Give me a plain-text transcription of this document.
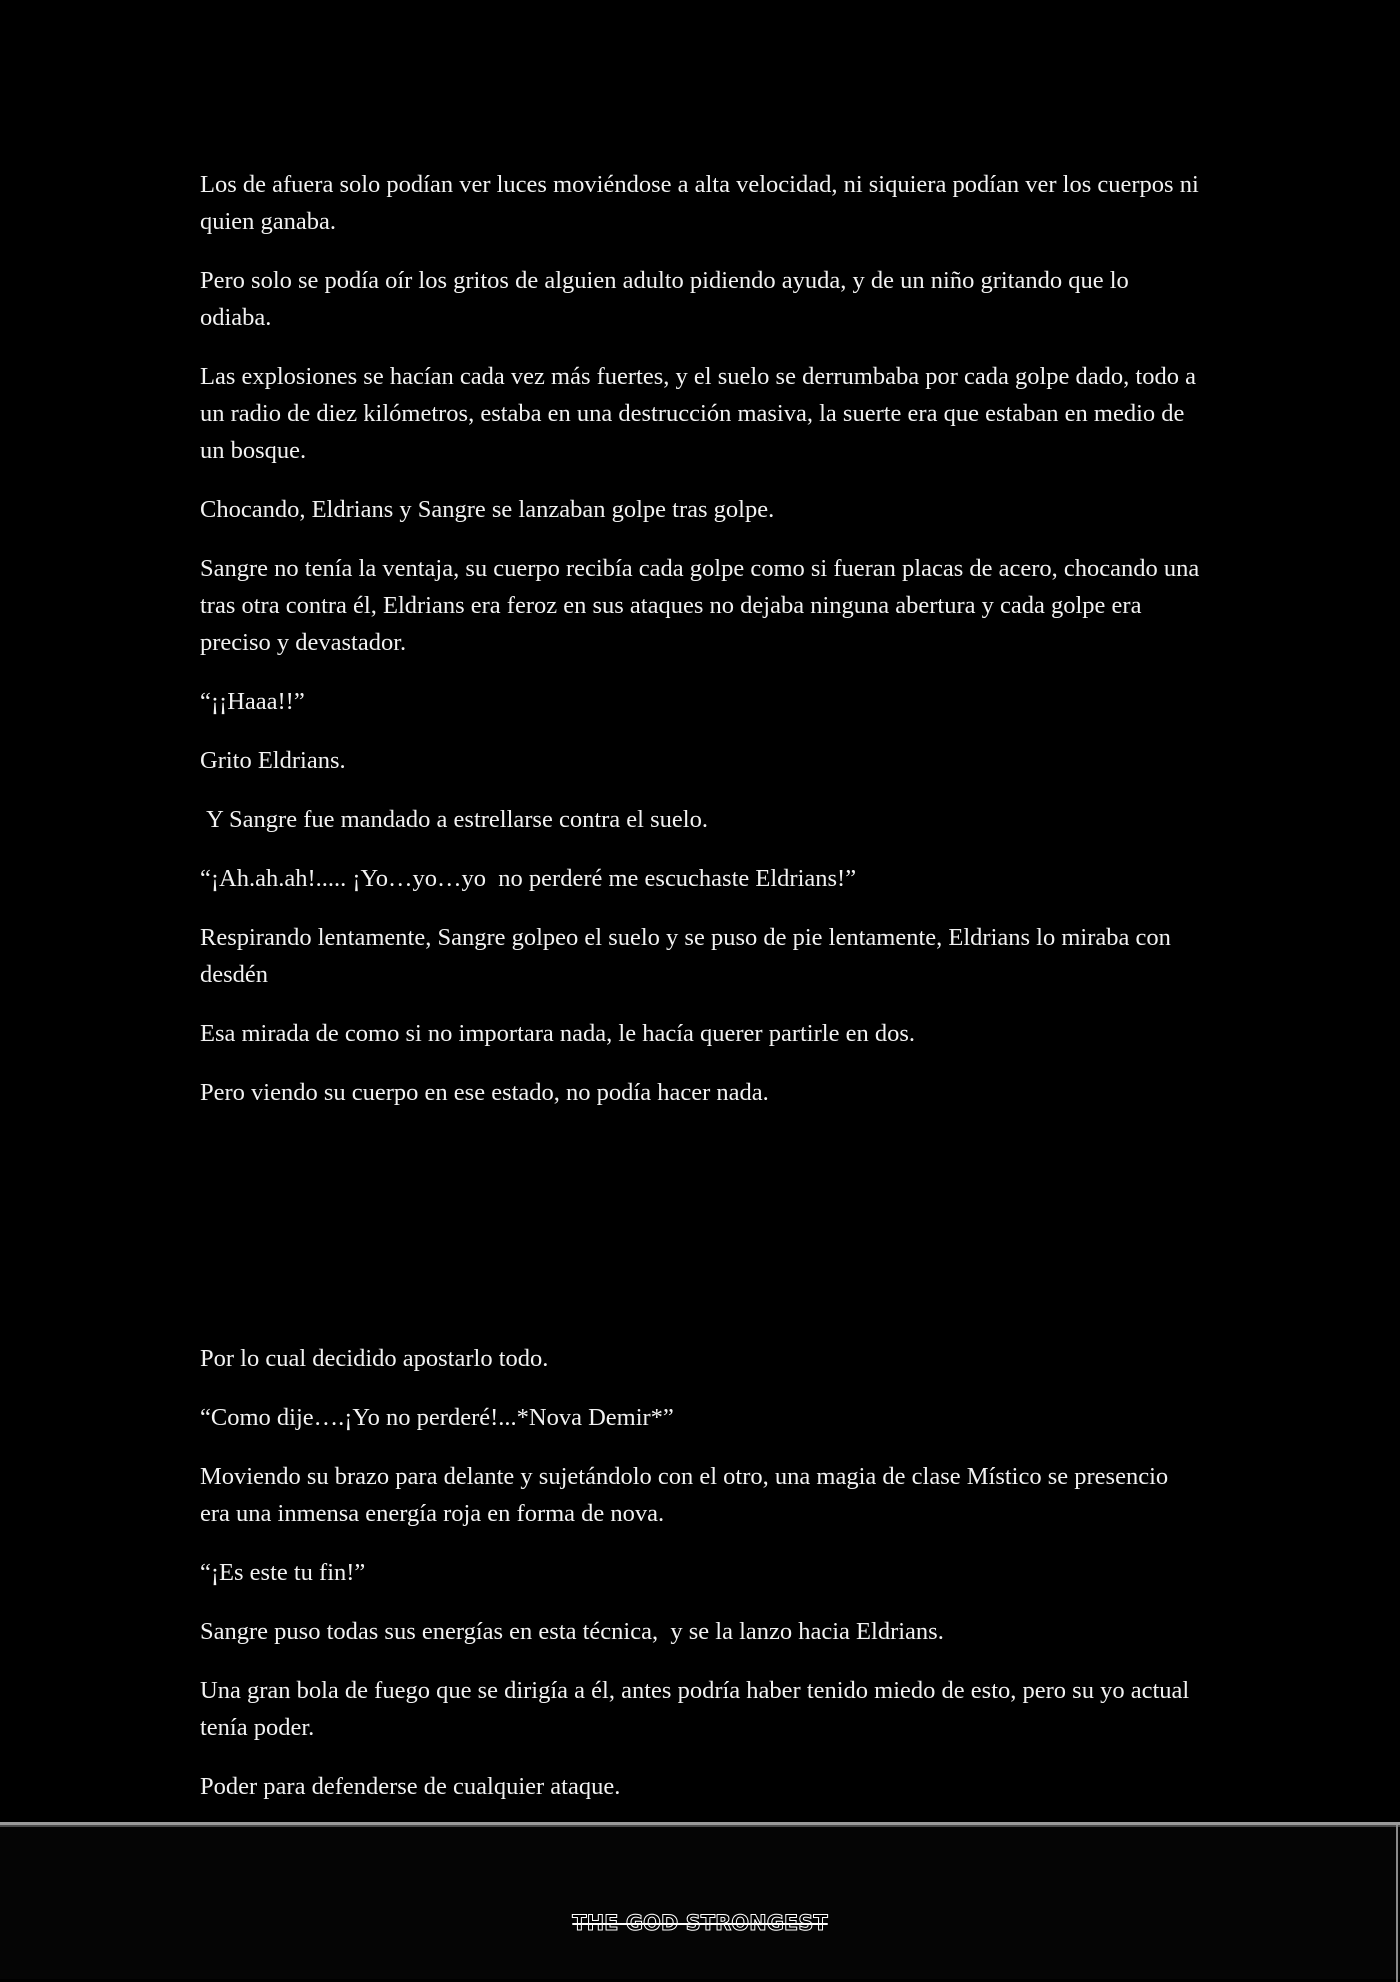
Los de afuera solo podían ver luces moviéndose a alta velocidad, ni siquiera podían ver los cuerpos ni quien ganaba.

Pero solo se podía oír los gritos de alguien adulto pidiendo ayuda, y de un niño gritando que lo odiaba.

Las explosiones se hacían cada vez más fuertes, y el suelo se derrumbaba por cada golpe dado, todo a un radio de diez kilómetros, estaba en una destrucción masiva, la suerte era que estaban en medio de un bosque.

Chocando, Eldrians y Sangre se lanzaban golpe tras golpe.

Sangre no tenía la ventaja, su cuerpo recibía cada golpe como si fueran placas de acero, chocando una tras otra contra él, Eldrians era feroz en sus ataques no dejaba ninguna abertura y cada golpe era preciso y devastador.

“¡¡Haaa!!”

Grito Eldrians.

Y Sangre fue mandado a estrellarse contra el suelo.

“¡Ah.ah.ah!..... ¡Yo…yo…yo  no perderé me escuchaste Eldrians!”

Respirando lentamente, Sangre golpeo el suelo y se puso de pie lentamente, Eldrians lo miraba con desdén

Esa mirada de como si no importara nada, le hacía querer partirle en dos.

Pero viendo su cuerpo en ese estado, no podía hacer nada.

Por lo cual decidido apostarlo todo.

“Como dije….¡Yo no perderé!...*Nova Demir*”

Moviendo su brazo para delante y sujetándolo con el otro, una magia de clase Místico se presencio era una inmensa energía roja en forma de nova.

“¡Es este tu fin!”

Sangre puso todas sus energías en esta técnica,  y se la lanzo hacia Eldrians.

Una gran bola de fuego que se dirigía a él, antes podría haber tenido miedo de esto, pero su yo actual tenía poder.

Poder para defenderse de cualquier ataque.

THE GOD STRONGEST
